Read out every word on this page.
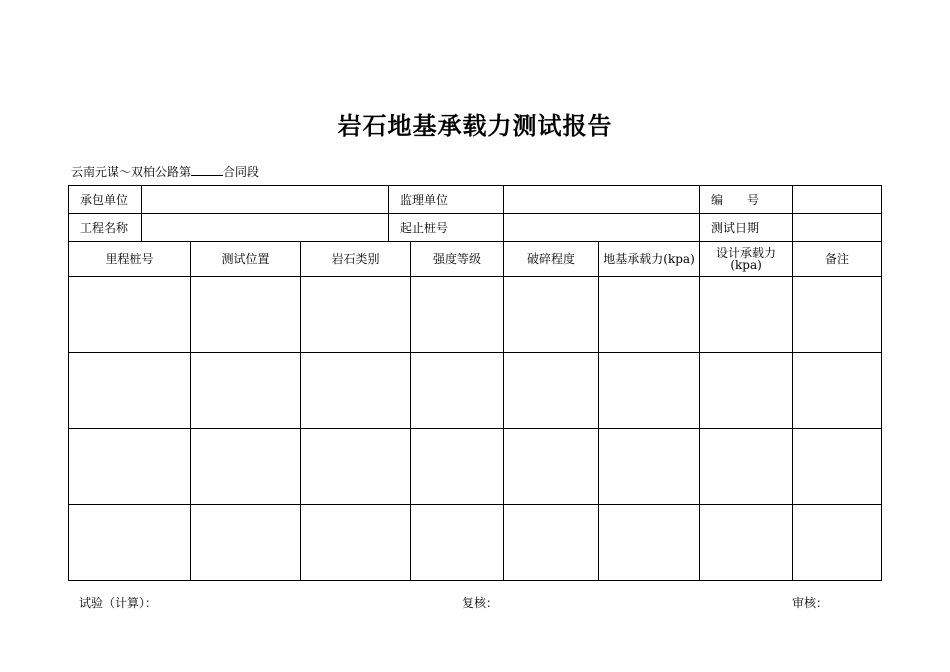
岩石地基承载力测试报告
云南元谋～双柏公路第	合同段
承包单位				监理单位				编　　号	
工程名称				起止桩号				测试日期	
里程桩号		测试位置	岩石类别		强度等级	破碎程度	地基承载力(kpa)	设计承载力
(kpa)	备注

试验（计算）：	复核：	审核：
